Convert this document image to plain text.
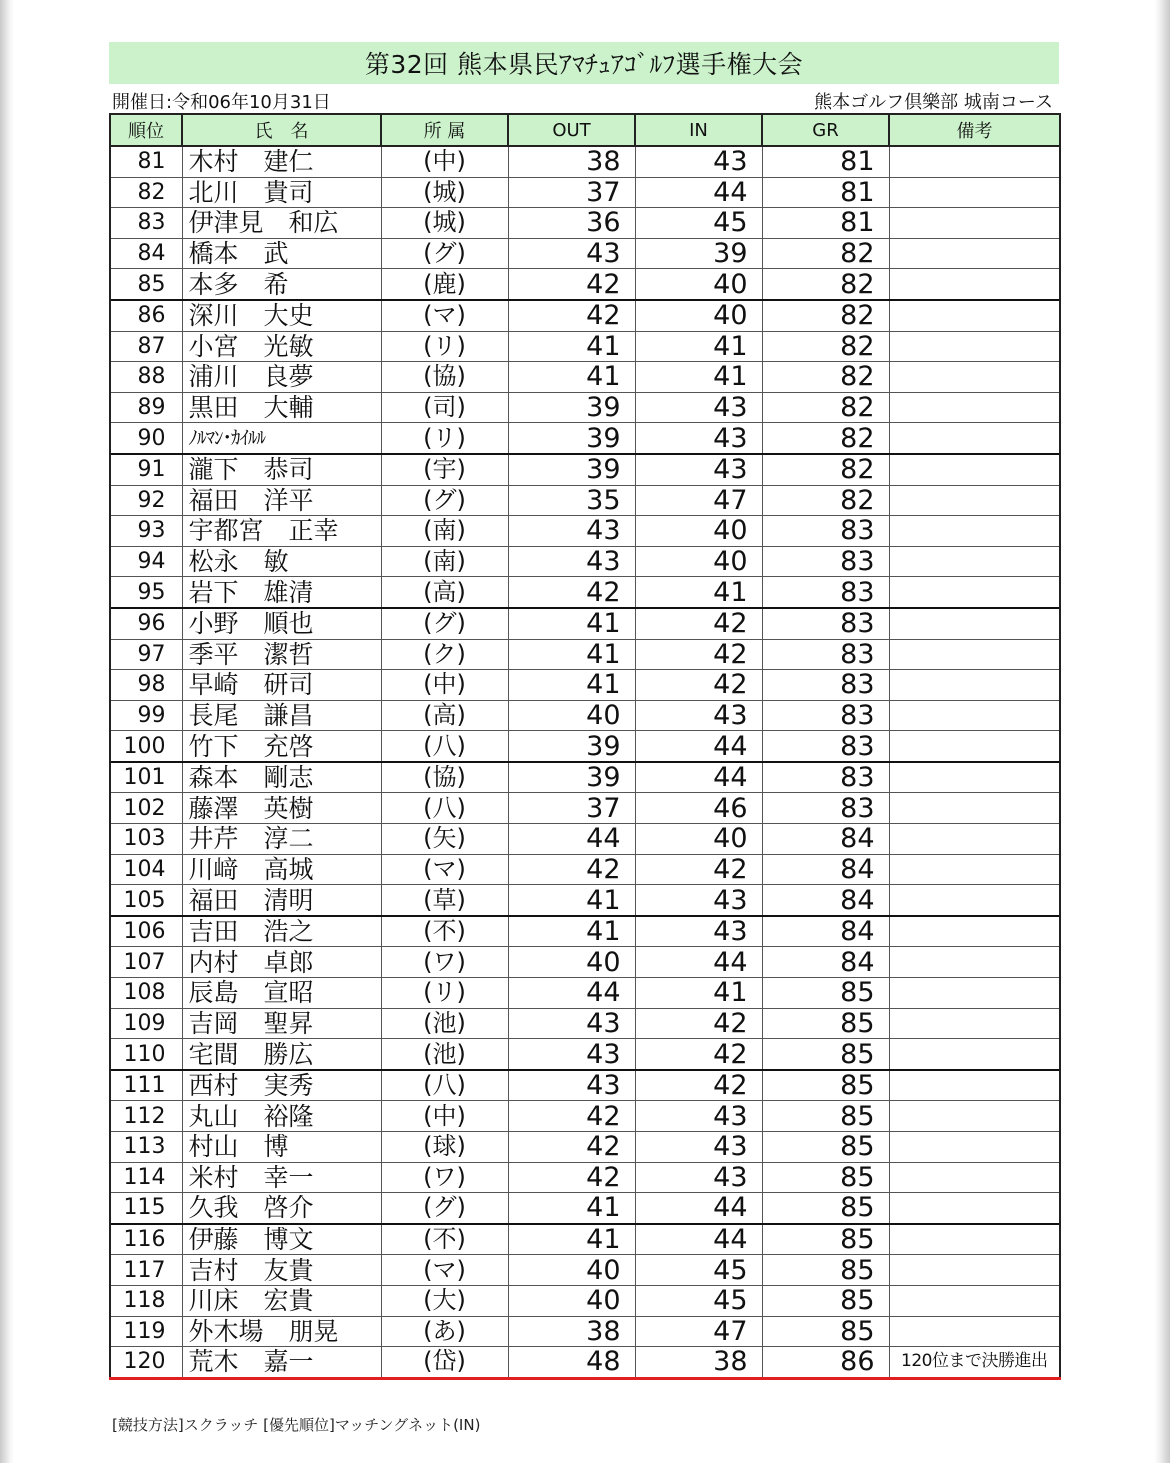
第32回 熊本県民ｱﾏﾁｭｱｺﾞﾙﾌ選手権大会
開催日:令和06年10月31日	熊本ゴルフ倶樂部 城南コース
順位	氏　名	所 属	OUT	IN	GR	備考
81	木村　建仁	(中)	38	43	81	
82	北川　貴司	(城)	37	44	81	
83	伊津見　和広	(城)	36	45	81	
84	橋本　武	(グ)	43	39	82	
85	本多　希	(鹿)	42	40	82	
86	深川　大史	(マ)	42	40	82	
87	小宮　光敏	(リ)	41	41	82	
88	浦川　良夢	(協)	41	41	82	
89	黒田　大輔	(司)	39	43	82	
90	ﾉﾙﾏﾝ･ｶｲﾙﾙ	(リ)	39	43	82	
91	瀧下　恭司	(宇)	39	43	82	
92	福田　洋平	(グ)	35	47	82	
93	宇都宮　正幸	(南)	43	40	83	
94	松永　敏	(南)	43	40	83	
95	岩下　雄清	(高)	42	41	83	
96	小野　順也	(グ)	41	42	83	
97	季平　潔哲	(ク)	41	42	83	
98	早崎　研司	(中)	41	42	83	
99	長尾　謙昌	(高)	40	43	83	
100	竹下　充啓	(八)	39	44	83	
101	森本　剛志	(協)	39	44	83	
102	藤澤　英樹	(八)	37	46	83	
103	井芹　淳二	(矢)	44	40	84	
104	川﨑　高城	(マ)	42	42	84	
105	福田　清明	(草)	41	43	84	
106	吉田　浩之	(不)	41	43	84	
107	内村　卓郎	(ワ)	40	44	84	
108	辰島　宣昭	(リ)	44	41	85	
109	吉岡　聖昇	(池)	43	42	85	
110	宅間　勝広	(池)	43	42	85	
111	西村　実秀	(八)	43	42	85	
112	丸山　裕隆	(中)	42	43	85	
113	村山　博	(球)	42	43	85	
114	米村　幸一	(ワ)	42	43	85	
115	久我　啓介	(グ)	41	44	85	
116	伊藤　博文	(不)	41	44	85	
117	吉村　友貴	(マ)	40	45	85	
118	川床　宏貴	(大)	40	45	85	
119	外木場　朋晃	(あ)	38	47	85	
120	荒木　嘉一	(岱)	48	38	86	120位まで決勝進出
[競技方法]スクラッチ [優先順位]マッチングネット(IN)
